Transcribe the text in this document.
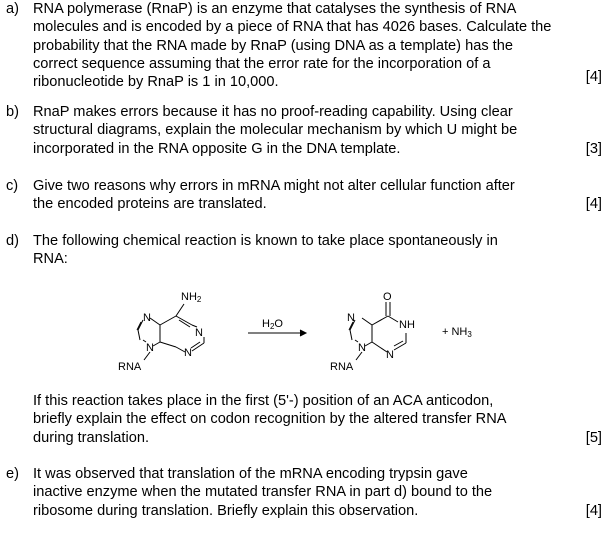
a) RNA polymerase (RnaP) is an enzyme that catalyses the synthesis of RNA
molecules and is encoded by a piece of RNA that has 4026 bases. Calculate the
probability that the RNA made by RnaP (using DNA as a template) has the
correct sequence assuming that the error rate for the incorporation of a
ribonucleotide by RnaP is 1 in 10,000.	[4]
b) RnaP makes errors because it has no proof-reading capability. Using clear
structural diagrams, explain the molecular mechanism by which U might be
incorporated in the RNA opposite G in the DNA template.	[3]
c) Give two reasons why errors in mRNA might not alter cellular function after
the encoded proteins are translated.	[4]
d) The following chemical reaction is known to take place spontaneously in
RNA:
NH2
N
N
N	N
RNA
H2O
O
N
NH
N
N
RNA
+ NH3
If this reaction takes place in the first (5'-) position of an ACA anticodon,
briefly explain the effect on codon recognition by the altered transfer RNA
during translation.	[5]
e) It was observed that translation of the mRNA encoding trypsin gave
inactive enzyme when the mutated transfer RNA in part d) bound to the
ribosome during translation. Briefly explain this observation.	[4]
